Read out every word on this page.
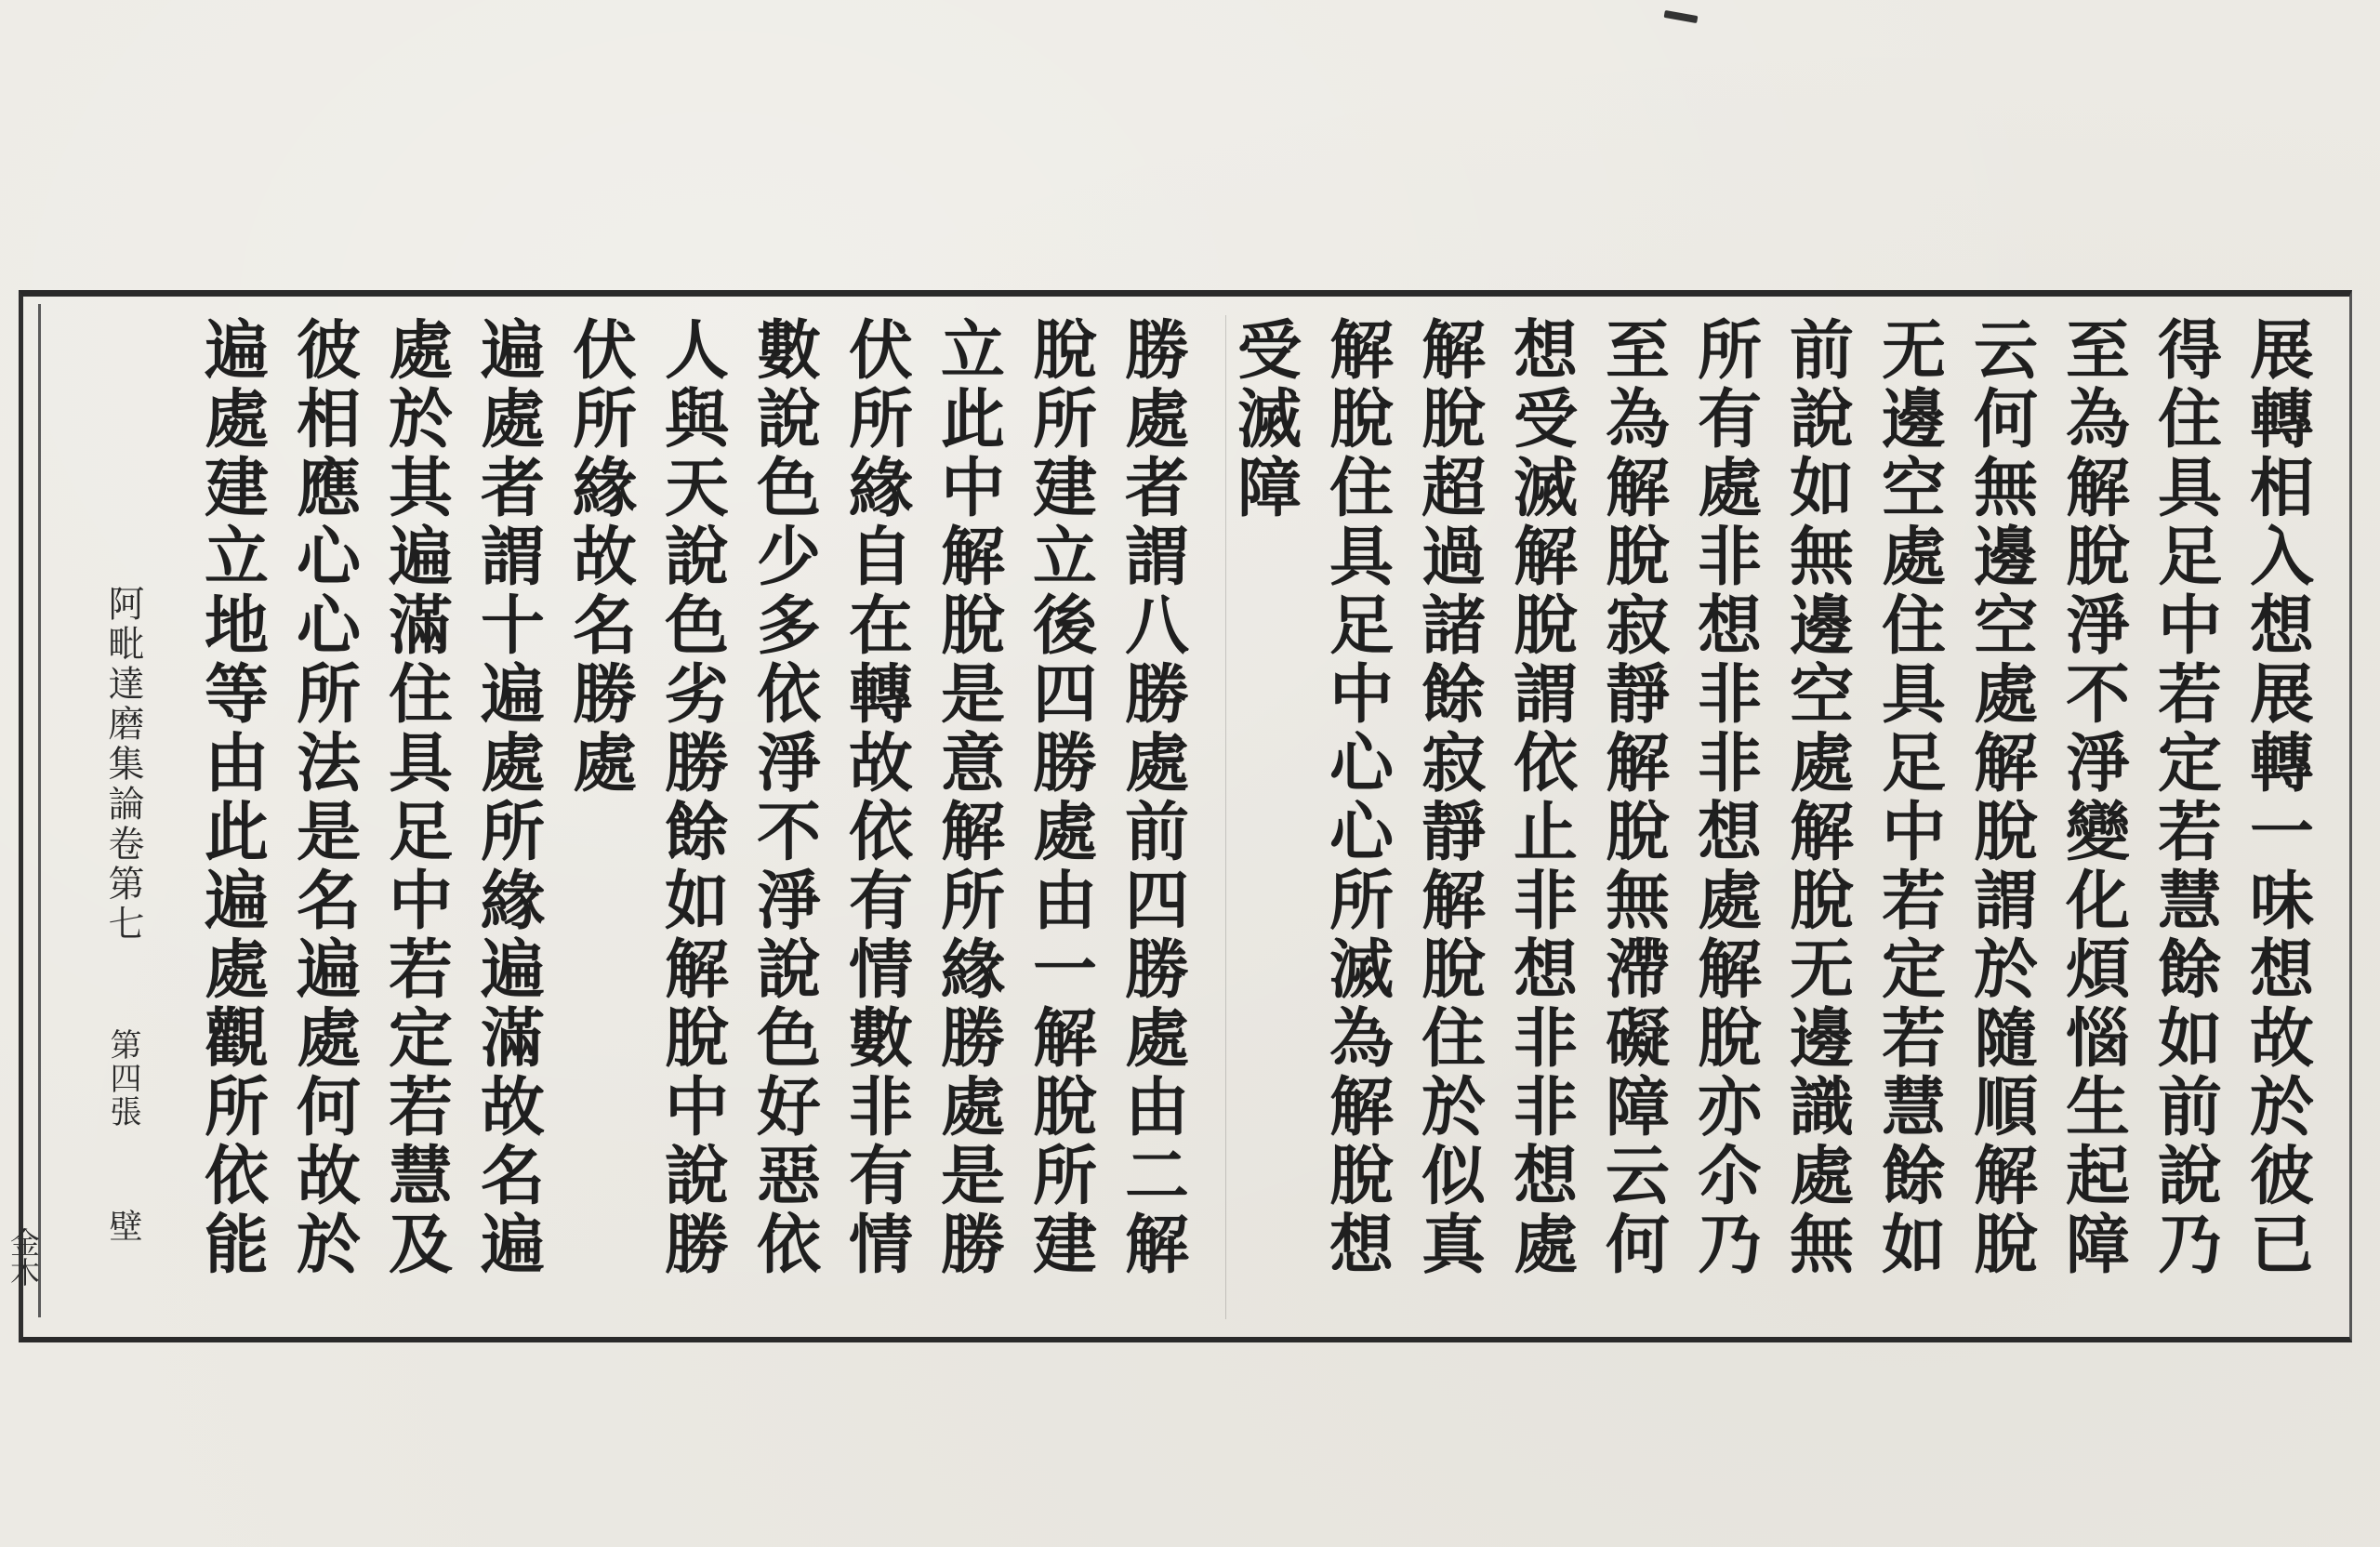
展轉相入想展轉一味想故於彼已
得住具足中若定若慧餘如前說乃
至為解脫淨不淨變化煩惱生起障
云何無邊空處解脫謂於隨順解脫
无邊空處住具足中若定若慧餘如
前說如無邊空處解脫无邊識處無
所有處非想非非想處解脫亦尒乃
至為解脫寂靜解脫無滯礙障云何
想受滅解脫謂依止非想非非想處
解脫超過諸餘寂靜解脫住於似真
解脫住具足中心心所滅為解脫想
受滅障
勝處者謂八勝處前四勝處由二解
脫所建立後四勝處由一解脫所建
立此中解脫是意解所緣勝處是勝
伏所緣自在轉故依有情數非有情
數說色少多依淨不淨說色好惡依
人與天說色劣勝餘如解脫中說勝
伏所緣故名勝處
遍處者謂十遍處所緣遍滿故名遍
處於其遍滿住具足中若定若慧及
彼相應心心所法是名遍處何故於
遍處建立地等由此遍處觀所依能
阿毗達磨集論卷第七 第四張 壁
金木
